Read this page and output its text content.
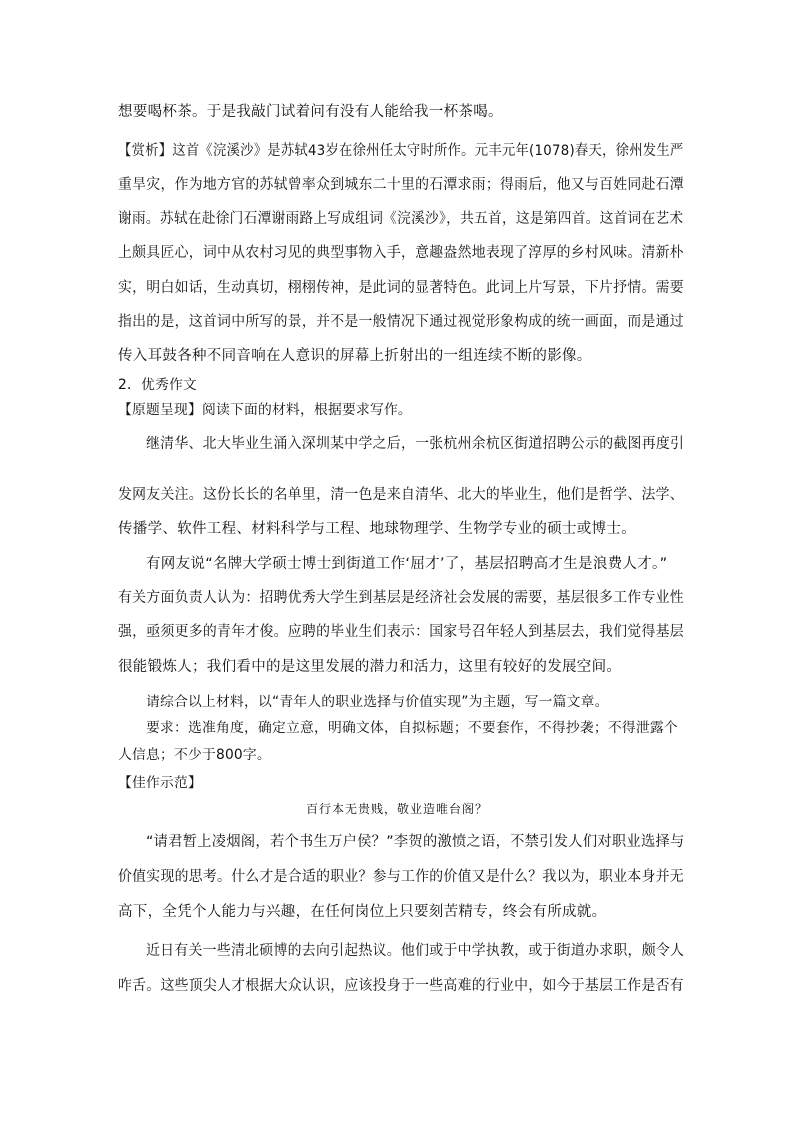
想要喝杯茶。于是我敲门试着问有没有人能给我一杯茶喝。
【赏析】这首《浣溪沙》是苏轼43岁在徐州任太守时所作。元丰元年(1078)春天，徐州发生严
重旱灾，作为地方官的苏轼曾率众到城东二十里的石潭求雨；得雨后，他又与百姓同赴石潭
谢雨。苏轼在赴徐门石潭谢雨路上写成组词《浣溪沙》，共五首，这是第四首。这首词在艺术
上颇具匠心，词中从农村习见的典型事物入手，意趣盎然地表现了淳厚的乡村风味。清新朴
实，明白如话，生动真切，栩栩传神，是此词的显著特色。此词上片写景，下片抒情。需要
指出的是，这首词中所写的景，并不是一般情况下通过视觉形象构成的统一画面，而是通过
传入耳鼓各种不同音响在人意识的屏幕上折射出的一组连续不断的影像。
2．优秀作文
【原题呈现】阅读下面的材料，根据要求写作。
继清华、北大毕业生涌入深圳某中学之后，一张杭州余杭区街道招聘公示的截图再度引
发网友关注。这份长长的名单里，清一色是来自清华、北大的毕业生，他们是哲学、法学、
传播学、软件工程、材料科学与工程、地球物理学、生物学专业的硕士或博士。
有网友说“名牌大学硕士博士到街道工作‘屈才’了，基层招聘高才生是浪费人才。”
有关方面负责人认为：招聘优秀大学生到基层是经济社会发展的需要，基层很多工作专业性
强，亟须更多的青年才俊。应聘的毕业生们表示：国家号召年轻人到基层去，我们觉得基层
很能锻炼人；我们看中的是这里发展的潜力和活力，这里有较好的发展空间。
请综合以上材料，以“青年人的职业选择与价值实现”为主题，写一篇文章。
要求：选准角度，确定立意，明确文体，自拟标题；不要套作，不得抄袭；不得泄露个
人信息；不少于800字。
【佳作示范】
百行本无贵贱，敬业造唯台阁？
“请君暂上凌烟阁，若个书生万户侯？”李贺的激愤之语，不禁引发人们对职业选择与
价值实现的思考。什么才是合适的职业？参与工作的价值又是什么？我以为，职业本身并无
高下，全凭个人能力与兴趣，在任何岗位上只要刻苦精专，终会有所成就。
近日有关一些清北硕博的去向引起热议。他们或于中学执教，或于街道办求职，颇令人
咋舌。这些顶尖人才根据大众认识，应该投身于一些高难的行业中，如今于基层工作是否有
